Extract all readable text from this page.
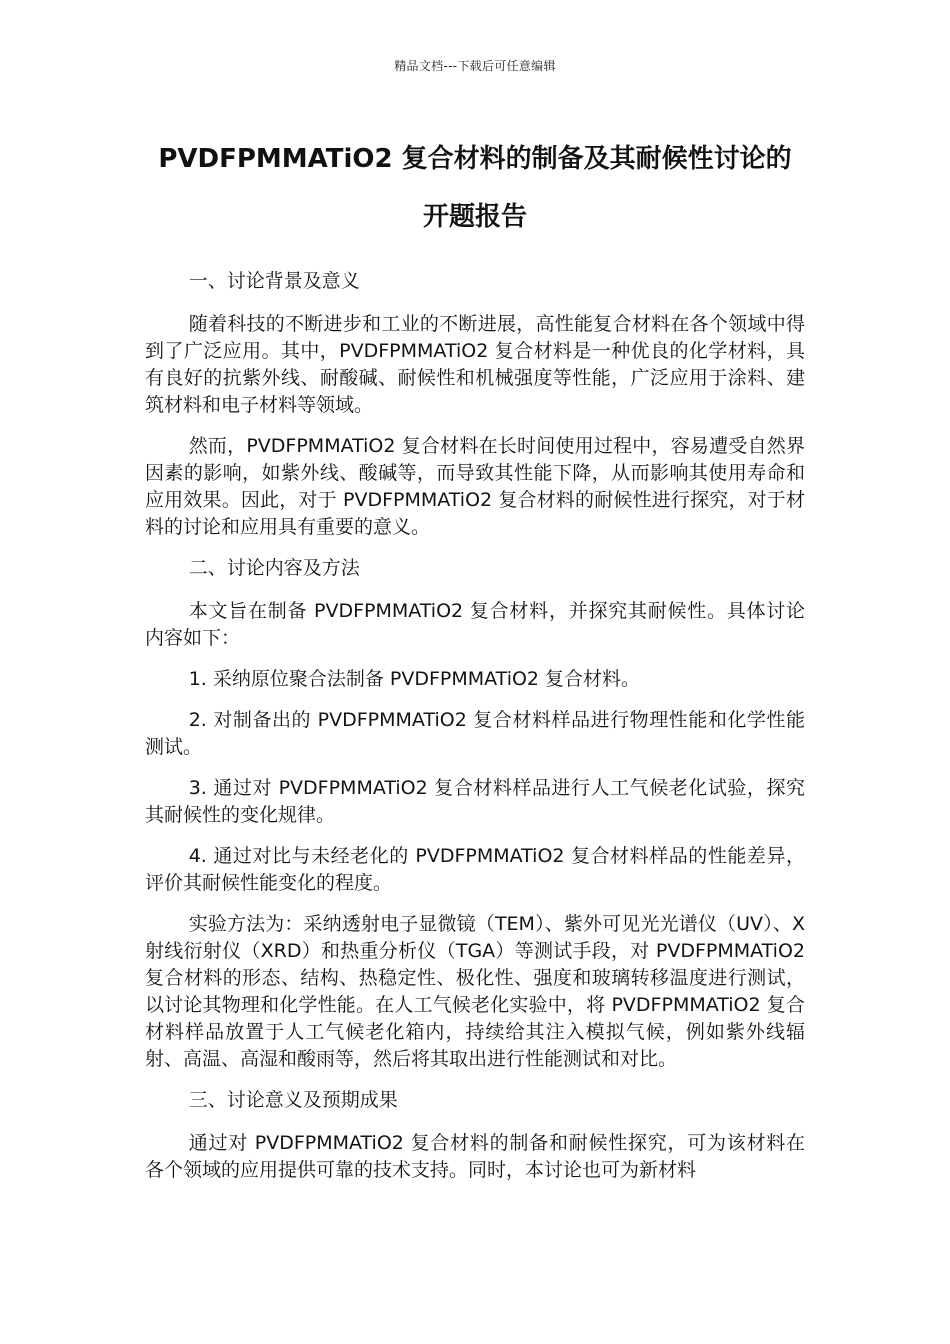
精品文档---下载后可任意编辑
PVDFPMMATiO2 复合材料的制备及其耐候性讨论的
开题报告

一、讨论背景及意义

随着科技的不断进步和工业的不断进展，高性能复合材料在各个领域中得到了广泛应用。其中，PVDFPMMATiO2 复合材料是一种优良的化学材料，具有良好的抗紫外线、耐酸碱、耐候性和机械强度等性能，广泛应用于涂料、建筑材料和电子材料等领域。

然而，PVDFPMMATiO2 复合材料在长时间使用过程中，容易遭受自然界因素的影响，如紫外线、酸碱等，而导致其性能下降，从而影响其使用寿命和应用效果。因此，对于 PVDFPMMATiO2 复合材料的耐候性进行探究，对于材料的讨论和应用具有重要的意义。

二、讨论内容及方法

本文旨在制备 PVDFPMMATiO2 复合材料，并探究其耐候性。具体讨论内容如下：

1. 采纳原位聚合法制备 PVDFPMMATiO2 复合材料。

2. 对制备出的 PVDFPMMATiO2 复合材料样品进行物理性能和化学性能测试。

3. 通过对 PVDFPMMATiO2 复合材料样品进行人工气候老化试验，探究其耐候性的变化规律。

4. 通过对比与未经老化的 PVDFPMMATiO2 复合材料样品的性能差异，评价其耐候性能变化的程度。

实验方法为：采纳透射电子显微镜（TEM）、紫外可见光光谱仪（UV）、X 射线衍射仪（XRD）和热重分析仪（TGA）等测试手段，对 PVDFPMMATiO2 复合材料的形态、结构、热稳定性、极化性、强度和玻璃转移温度进行测试，以讨论其物理和化学性能。在人工气候老化实验中，将 PVDFPMMATiO2 复合材料样品放置于人工气候老化箱内，持续给其注入模拟气候，例如紫外线辐射、高温、高湿和酸雨等，然后将其取出进行性能测试和对比。

三、讨论意义及预期成果

通过对 PVDFPMMATiO2 复合材料的制备和耐候性探究，可为该材料在各个领域的应用提供可靠的技术支持。同时，本讨论也可为新材料
